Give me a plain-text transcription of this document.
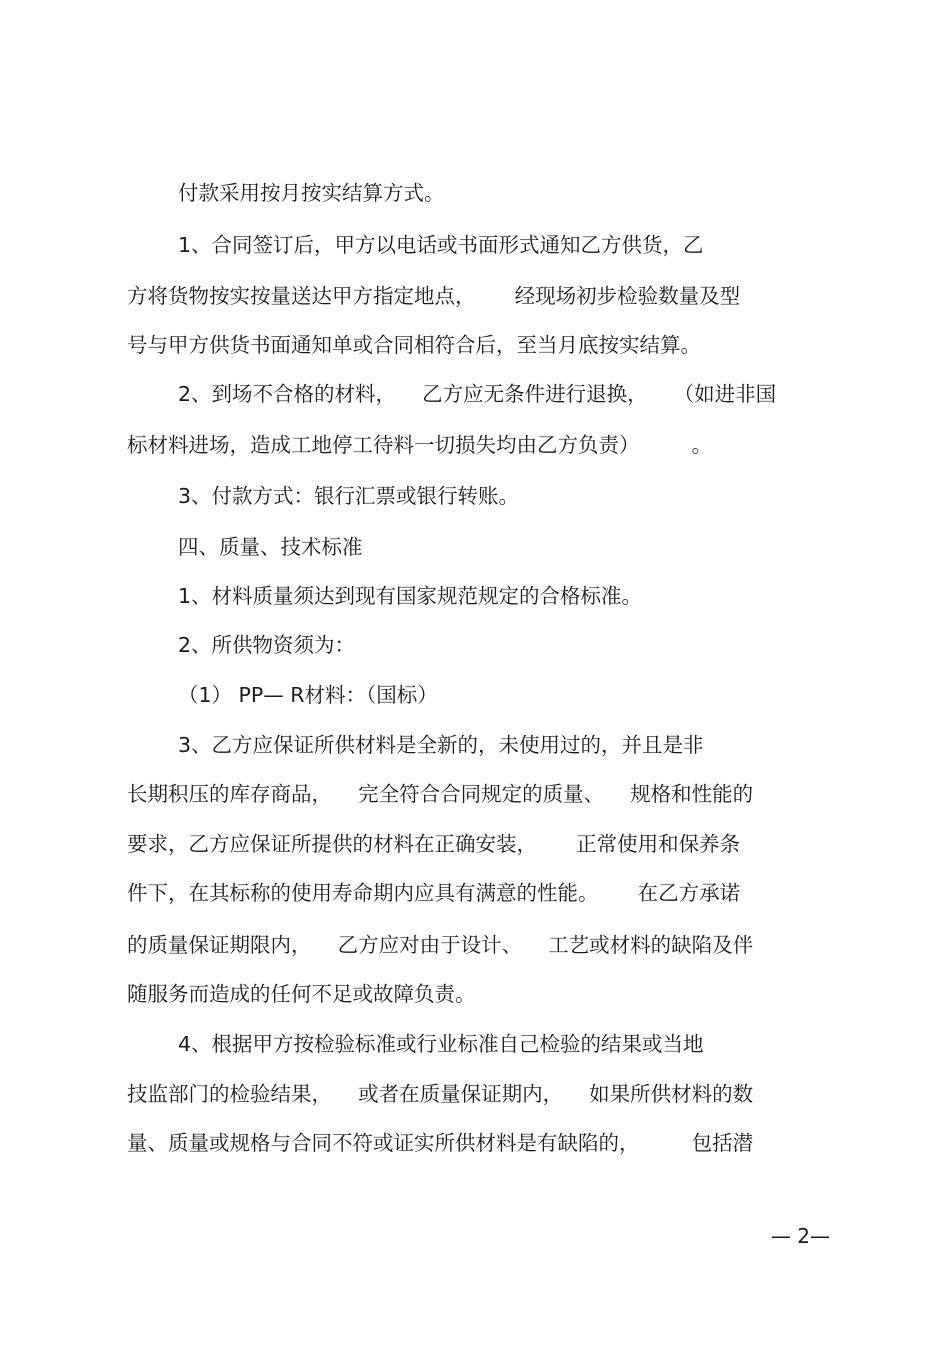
付款采用按月按实结算方式。
1、合同签订后，甲方以电话或书面形式通知乙方供货，乙
方将货物按实按量送达甲方指定地点，      经现场初步检验数量及型
号与甲方供货书面通知单或合同相符合后，至当月底按实结算。
2、到场不合格的材料，    乙方应无条件进行退换，    （如进非国
标材料进场，造成工地停工待料一切损失均由乙方负责）        。
3、付款方式：银行汇票或银行转账。
四、质量、技术标准
1、材料质量须达到现有国家规范规定的合格标准。
2、所供物资须为：
（1） PP— R材料：（国标）
3、乙方应保证所供材料是全新的，未使用过的，并且是非
长期积压的库存商品，    完全符合合同规定的质量、    规格和性能的
要求，乙方应保证所提供的材料在正确安装，      正常使用和保养条
件下，在其标称的使用寿命期内应具有满意的性能。      在乙方承诺
的质量保证期限内，    乙方应对由于设计、    工艺或材料的缺陷及伴
随服务而造成的任何不足或故障负责。
4、根据甲方按检验标准或行业标准自己检验的结果或当地
技监部门的检验结果，    或者在质量保证期内，    如果所供材料的数
量、质量或规格与合同不符或证实所供材料是有缺陷的，        包括潜
— 2—
